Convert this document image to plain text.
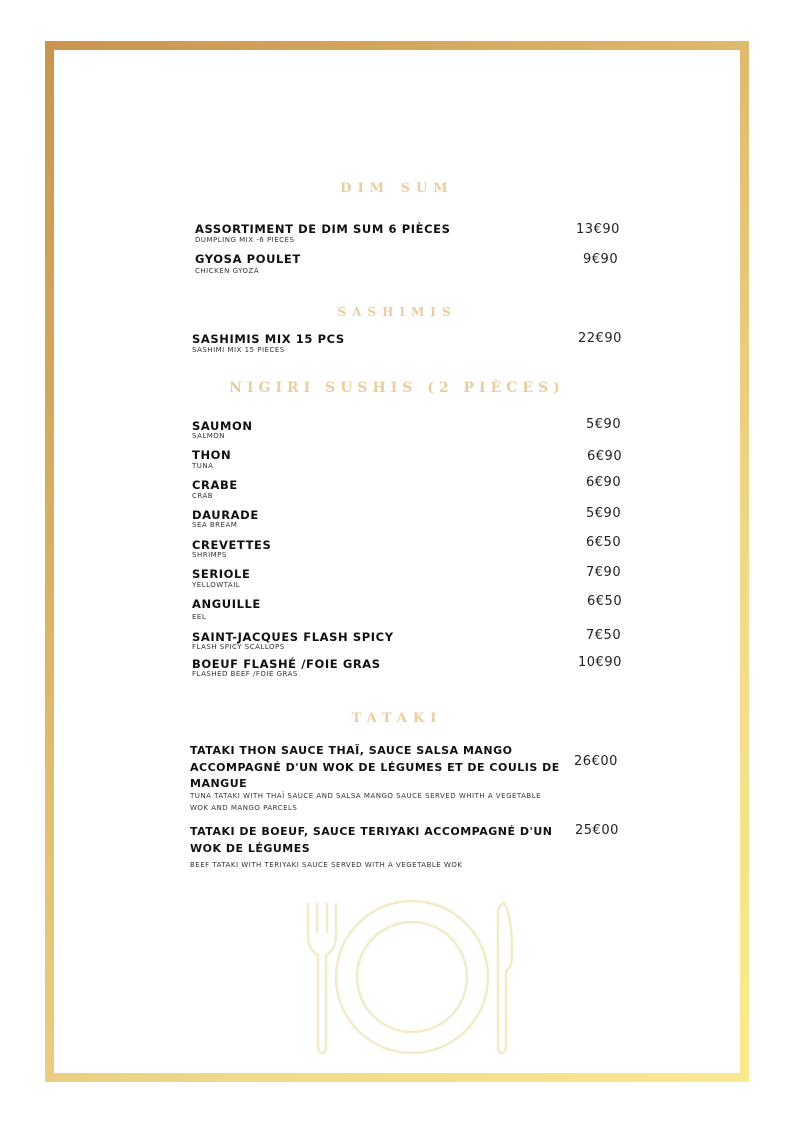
DIM SUM
ASSORTIMENT DE DIM SUM 6 PIÈCES
DUMPLING MIX -6 PIECES
13€90
GYOSA POULET
CHICKEN GYOZA
9€90
SASHIMIS
SASHIMIS MIX 15 PCS
SASHIMI MIX 15 PIECES
22€90
NIGIRI SUSHIS (2 PIÈCES)
SAUMON
SALMON
5€90
THON
TUNA
6€90
CRABE
CRAB
6€90
DAURADE
SEA BREAM
5€90
CREVETTES
SHRIMPS
6€50
SERIOLE
YELLOWTAIL
7€90
ANGUILLE
EEL
6€50
SAINT-JACQUES FLASH SPICY
FLASH SPICY SCALLOPS
7€50
BOEUF FLASHÉ /FOIE GRAS
FLASHED BEEF /FOIE GRAS
10€90
TATAKI
TATAKI THON SAUCE THAÏ, SAUCE SALSA MANGO ACCOMPAGNÉ D'UN WOK DE LÉGUMES ET DE COULIS DE MANGUE
TUNA TATAKI WITH THAÏ SAUCE AND SALSA MANGO SAUCE SERVED WHITH A VEGETABLE WOK AND MANGO PARCELS
26€00
TATAKI DE BOEUF, SAUCE TERIYAKI ACCOMPAGNÉ D'UN WOK DE LÉGUMES
BEEF TATAKI WITH TERIYAKI SAUCE SERVED WITH A VEGETABLE WOK
25€00
